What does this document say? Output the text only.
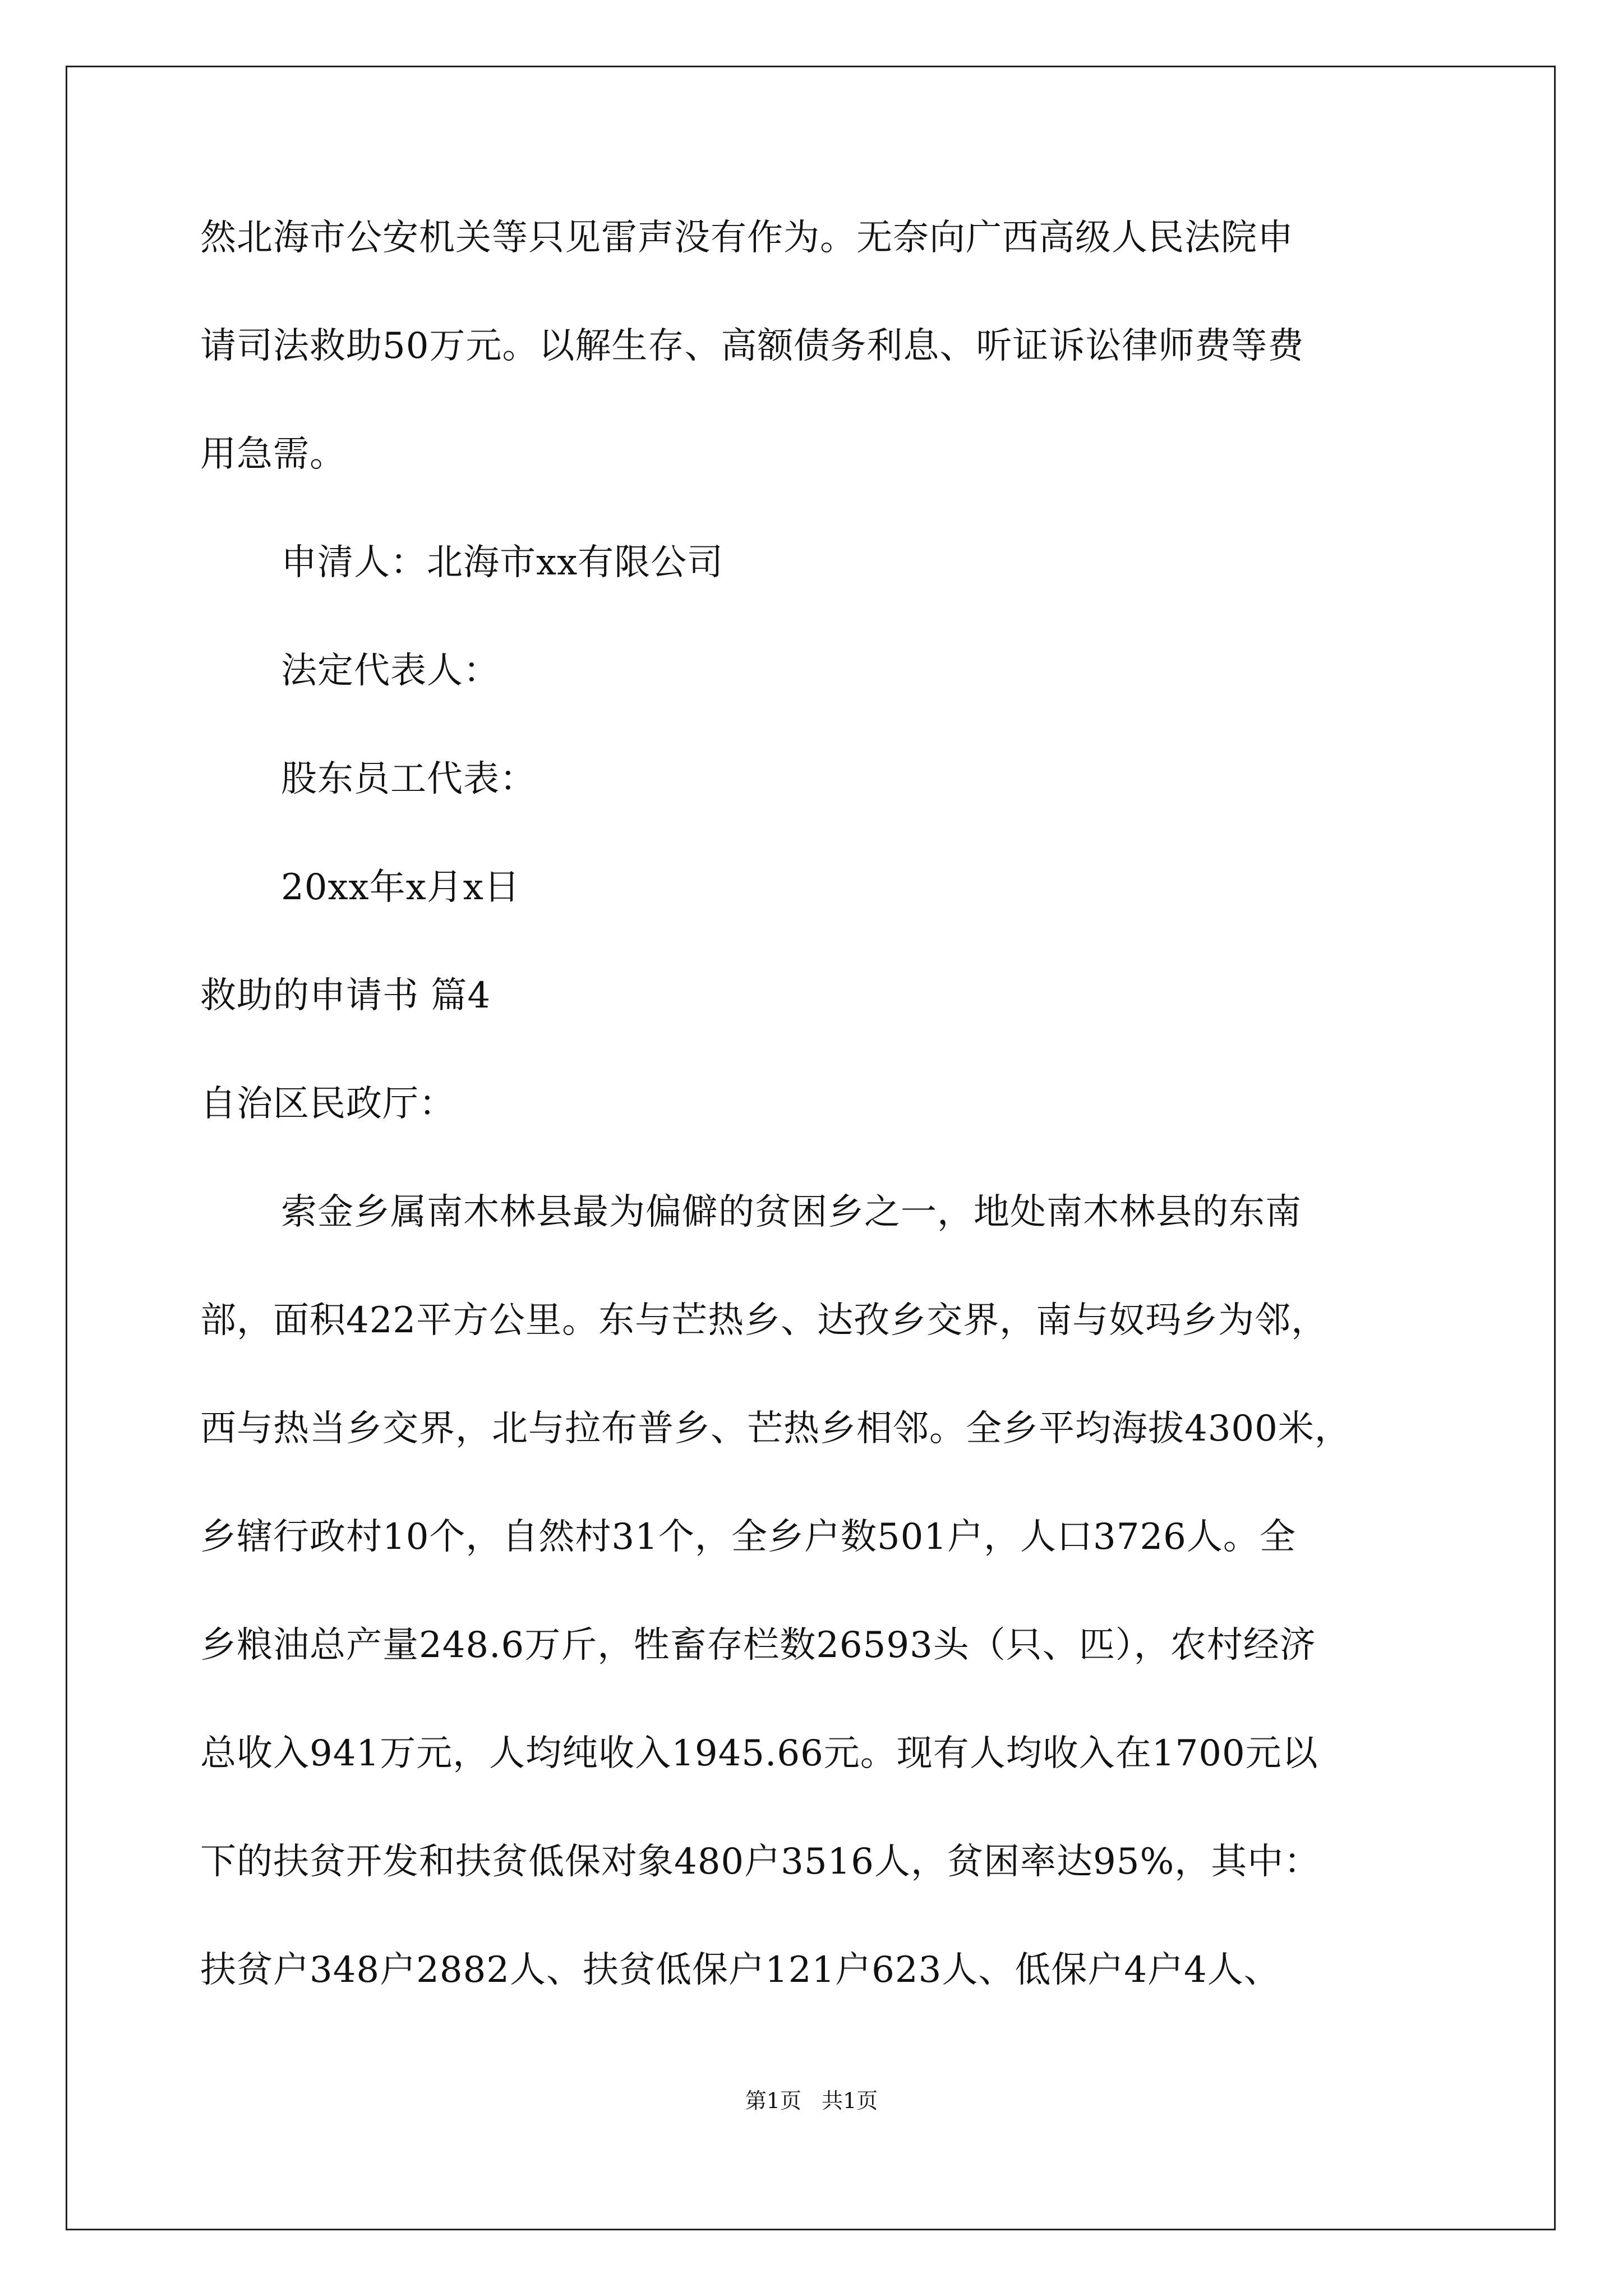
然北海市公安机关等只见雷声没有作为。无奈向广西高级人民法院申
请司法救助50万元。以解生存、高额债务利息、听证诉讼律师费等费
用急需。
申清人：北海市xx有限公司
法定代表人：
股东员工代表：
20xx年x月x日
救助的申请书 篇4
自治区民政厅：
索金乡属南木林县最为偏僻的贫困乡之一，地处南木林县的东南
部，面积422平方公里。东与芒热乡、达孜乡交界，南与奴玛乡为邻，
西与热当乡交界，北与拉布普乡、芒热乡相邻。全乡平均海拔4300米，
乡辖行政村10个，自然村31个，全乡户数501户，人口3726人。全
乡粮油总产量248.6万斤，牲畜存栏数26593头（只、匹），农村经济
总收入941万元，人均纯收入1945.66元。现有人均收入在1700元以
下的扶贫开发和扶贫低保对象480户3516人，贫困率达95%，其中：
扶贫户348户2882人、扶贫低保户121户623人、低保户4户4人、
第1页   共1页
